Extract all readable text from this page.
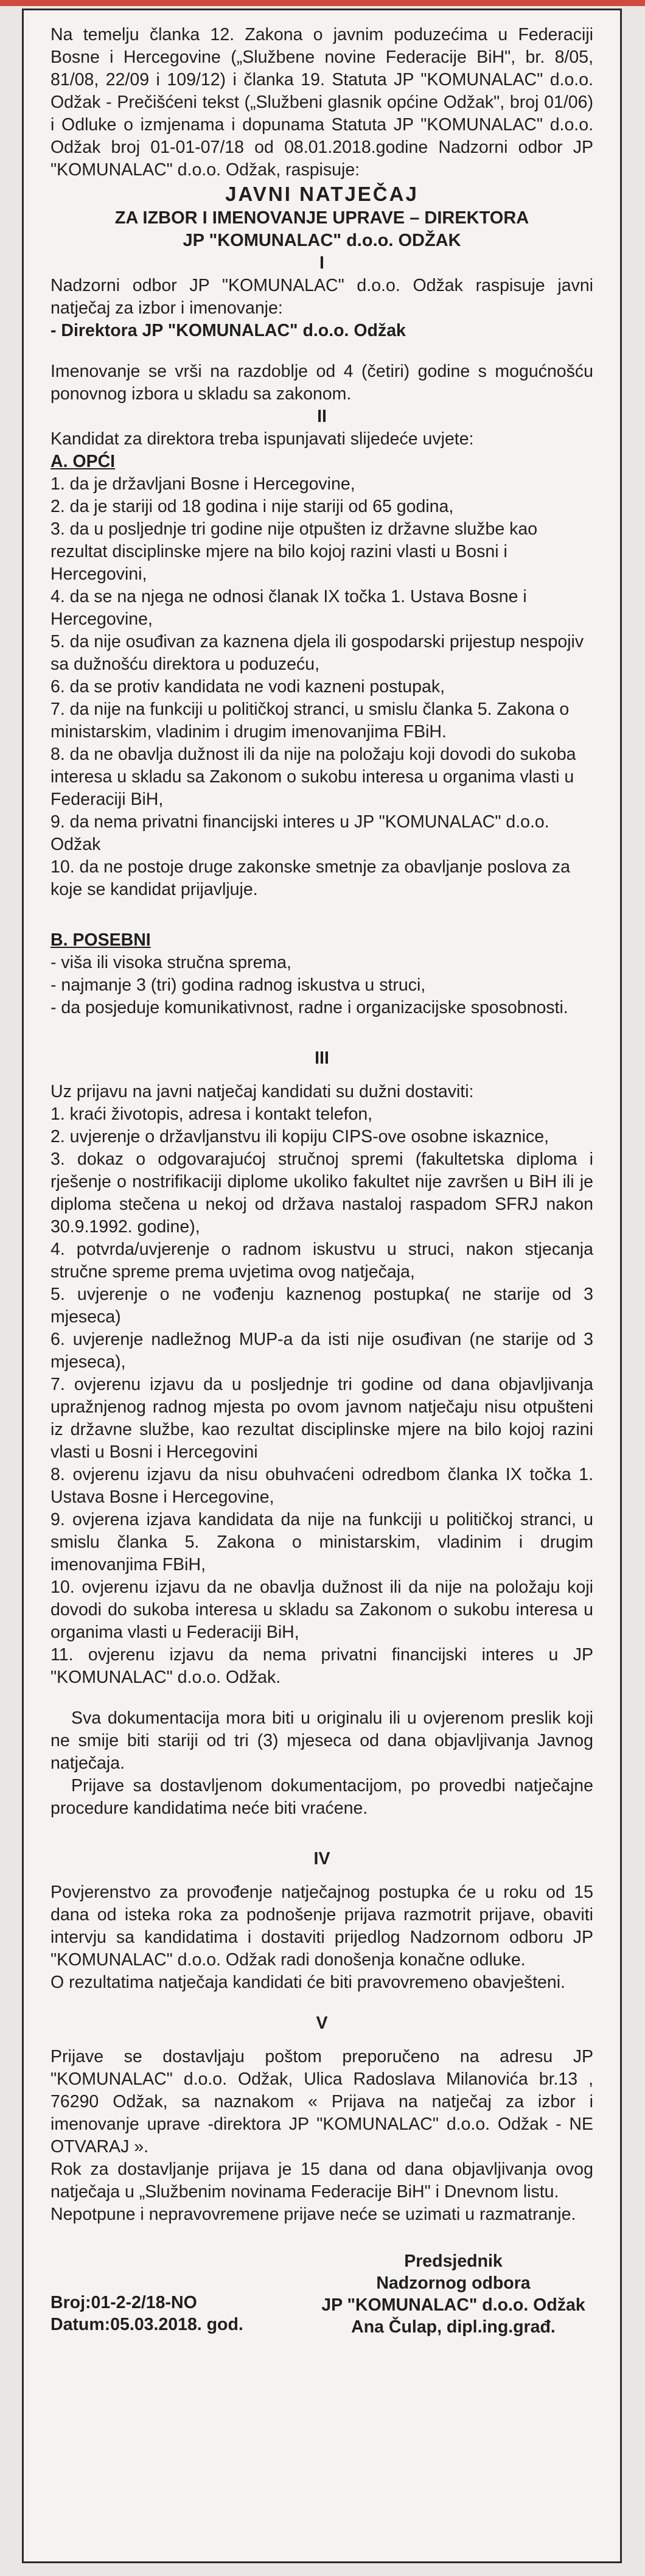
Na temelju članka 12. Zakona o javnim poduzećima u Federaciji Bosne i Hercegovine („Službene novine Federacije BiH", br. 8/05, 81/08, 22/09 i 109/12) i članka 19. Statuta JP "KOMUNALAC" d.o.o. Odžak - Prečišćeni tekst („Službeni glasnik općine Odžak", broj 01/06) i Odluke o izmjenama i dopunama Statuta JP "KOMUNALAC" d.o.o. Odžak broj 01-01-07/18 od 08.01.2018.godine Nadzorni odbor JP "KOMUNALAC" d.o.o. Odžak, raspisuje:

JAVNI NATJEČAJ

ZA IZBOR I IMENOVANJE UPRAVE – DIREKTORA

JP "KOMUNALAC" d.o.o. ODŽAK

I

Nadzorni odbor JP "KOMUNALAC" d.o.o. Odžak raspisuje javni natječaj za izbor i imenovanje:

- Direktora JP "KOMUNALAC" d.o.o. Odžak

Imenovanje se vrši na razdoblje od 4 (četiri) godine s mogućnošću ponovnog izbora u skladu sa zakonom.

II

Kandidat za direktora treba ispunjavati slijedeće uvjete:

A. OPĆI

1. da je državljani Bosne i Hercegovine,

2. da je stariji od 18 godina i nije stariji od 65 godina,

3. da u posljednje tri godine nije otpušten iz državne službe kao rezultat disciplinske mjere na bilo kojoj razini vlasti u Bosni i Hercegovini,

4. da se na njega ne odnosi članak IX točka 1. Ustava Bosne i Hercegovine,

5. da nije osuđivan za kaznena djela ili gospodarski prijestup nespojiv sa dužnošću direktora u poduzeću,

6. da se protiv kandidata ne vodi kazneni postupak,

7. da nije na funkciji u političkoj stranci, u smislu članka 5. Zakona o ministarskim, vladinim i drugim imenovanjima FBiH.

8. da ne obavlja dužnost ili da nije na položaju koji dovodi do sukoba interesa u skladu sa Zakonom o sukobu interesa u organima vlasti u Federaciji BiH,

9. da nema privatni financijski interes u JP "KOMUNALAC" d.o.o. Odžak

10. da ne postoje druge zakonske smetnje za obavljanje poslova za koje se kandidat prijavljuje.

B. POSEBNI

- viša ili visoka stručna sprema,

- najmanje 3 (tri) godina radnog iskustva u struci,

- da posjeduje komunikativnost, radne i organizacijske sposobnosti.

III

Uz prijavu na javni natječaj kandidati su dužni dostaviti:

1. kraći životopis, adresa i kontakt telefon,

2. uvjerenje o državljanstvu ili kopiju CIPS-ove osobne iskaznice,

3. dokaz o odgovarajućoj stručnoj spremi (fakultetska diploma i rješenje o nostrifikaciji diplome ukoliko fakultet nije završen u BiH ili je diploma stečena u nekoj od država nastaloj raspadom SFRJ nakon 30.9.1992. godine),

4. potvrda/uvjerenje o radnom iskustvu u struci, nakon stjecanja stručne spreme prema uvjetima ovog natječaja,

5. uvjerenje o ne vođenju kaznenog postupka( ne starije od 3 mjeseca)

6. uvjerenje nadležnog MUP-a da isti nije osuđivan (ne starije od 3 mjeseca),

7. ovjerenu izjavu da u posljednje tri godine od dana objavljivanja upražnjenog radnog mjesta po ovom javnom natječaju nisu otpušteni iz državne službe, kao rezultat disciplinske mjere na bilo kojoj razini vlasti u Bosni i Hercegovini

8. ovjerenu izjavu da nisu obuhvaćeni odredbom članka IX točka 1. Ustava Bosne i Hercegovine,

9. ovjerena izjava kandidata da nije na funkciji u političkoj stranci, u smislu članka 5. Zakona o ministarskim, vladinim i drugim imenovanjima FBiH,

10. ovjerenu izjavu da ne obavlja dužnost ili da nije na položaju koji dovodi do sukoba interesa u skladu sa Zakonom o sukobu interesa u organima vlasti u Federaciji BiH,

11. ovjerenu izjavu da nema privatni financijski interes u JP "KOMUNALAC" d.o.o. Odžak.

Sva dokumentacija mora biti u originalu ili u ovjerenom preslik koji ne smije biti stariji od tri (3) mjeseca od dana objavljivanja Javnog natječaja.

Prijave sa dostavljenom dokumentacijom, po provedbi natječajne procedure kandidatima neće biti vraćene.

IV

Povjerenstvo za provođenje natječajnog postupka će u roku od 15 dana od isteka roka za podnošenje prijava razmotrit prijave, obaviti intervju sa kandidatima i dostaviti prijedlog Nadzornom odboru JP "KOMUNALAC" d.o.o. Odžak radi donošenja konačne odluke.

O rezultatima natječaja kandidati će biti pravovremeno obavješteni.

V

Prijave se dostavljaju poštom preporučeno na adresu JP "KOMUNALAC" d.o.o. Odžak, Ulica Radoslava Milanovića br.13 , 76290 Odžak, sa naznakom « Prijava na natječaj za izbor i imenovanje uprave -direktora JP "KOMUNALAC" d.o.o. Odžak - NE OTVARAJ ».

Rok za dostavljanje prijava je 15 dana od dana objavljivanja ovog natječaja u „Službenim novinama Federacije BiH" i Dnevnom listu.

Nepotpune i nepravovremene prijave neće se uzimati u razmatranje.

Broj:01-2-2/18-NO

Datum:05.03.2018. god.

Predsjednik

Nadzornog odbora

JP "KOMUNALAC" d.o.o. Odžak

Ana Čulap, dipl.ing.građ.
